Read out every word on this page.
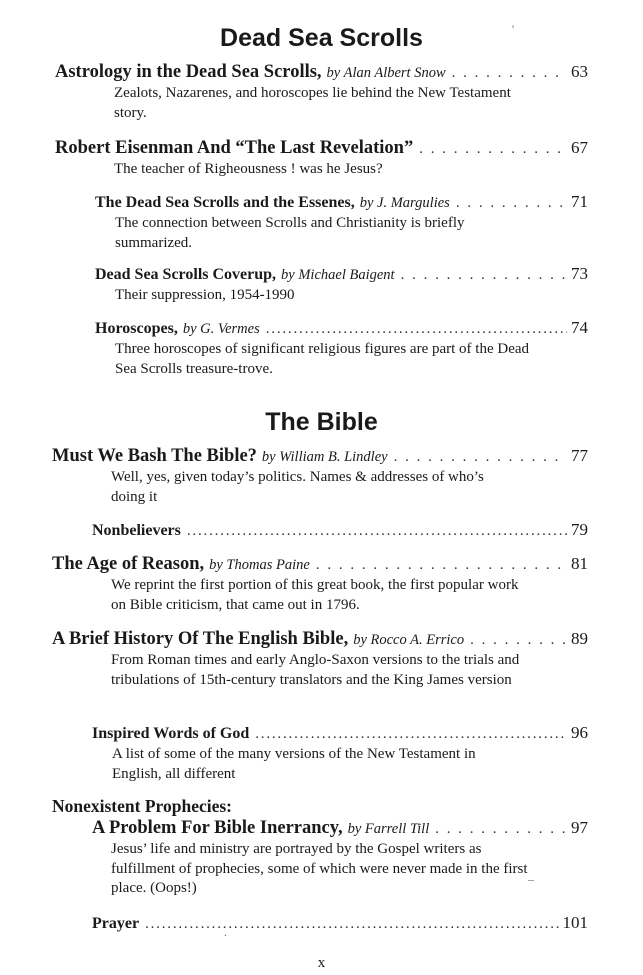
Dead Sea Scrolls
Astrology in the Dead Sea Scrolls, by Alan Albert Snow . . .	63
Zealots, Nazarenes, and horoscopes lie behind the New Testament story.
Robert Eisenman And “The Last Revelation” . . .	67
The teacher of Righeousness ! was he Jesus?
The Dead Sea Scrolls and the Essenes, by J. Margulies . . .	71
The connection between Scrolls and Christianity is briefly summarized.
Dead Sea Scrolls Coverup, by Michael Baigent . . .	73
Their suppression, 1954-1990
Horoscopes, by G. Vermes .....	74
Three horoscopes of significant religious figures are part of the Dead Sea Scrolls treasure-trove.
The Bible
Must We Bash The Bible? by William B. Lindley . . .	77
Well, yes, given today’s politics. Names & addresses of who’s doing it
Nonbelievers .....	79
The Age of Reason, by Thomas Paine . . .	81
We reprint the first portion of this great book, the first popular work on Bible criticism, that came out in 1796.
A Brief History Of The English Bible, by Rocco A. Errico . . .	89
From Roman times and early Anglo-Saxon versions to the trials and tribulations of 15th-century translators and the King James version
Inspired Words of God .....	96
A list of some of the many versions of the New Testament in English, all different
Nonexistent Prophecies:
A Problem For Bible Inerrancy, by Farrell Till . . .	97
Jesus’ life and ministry are portrayed by the Gospel writers as fulfillment of prophecies, some of which were never made in the first place. (Oops!)
Prayer .....	101
x
'
_
.
